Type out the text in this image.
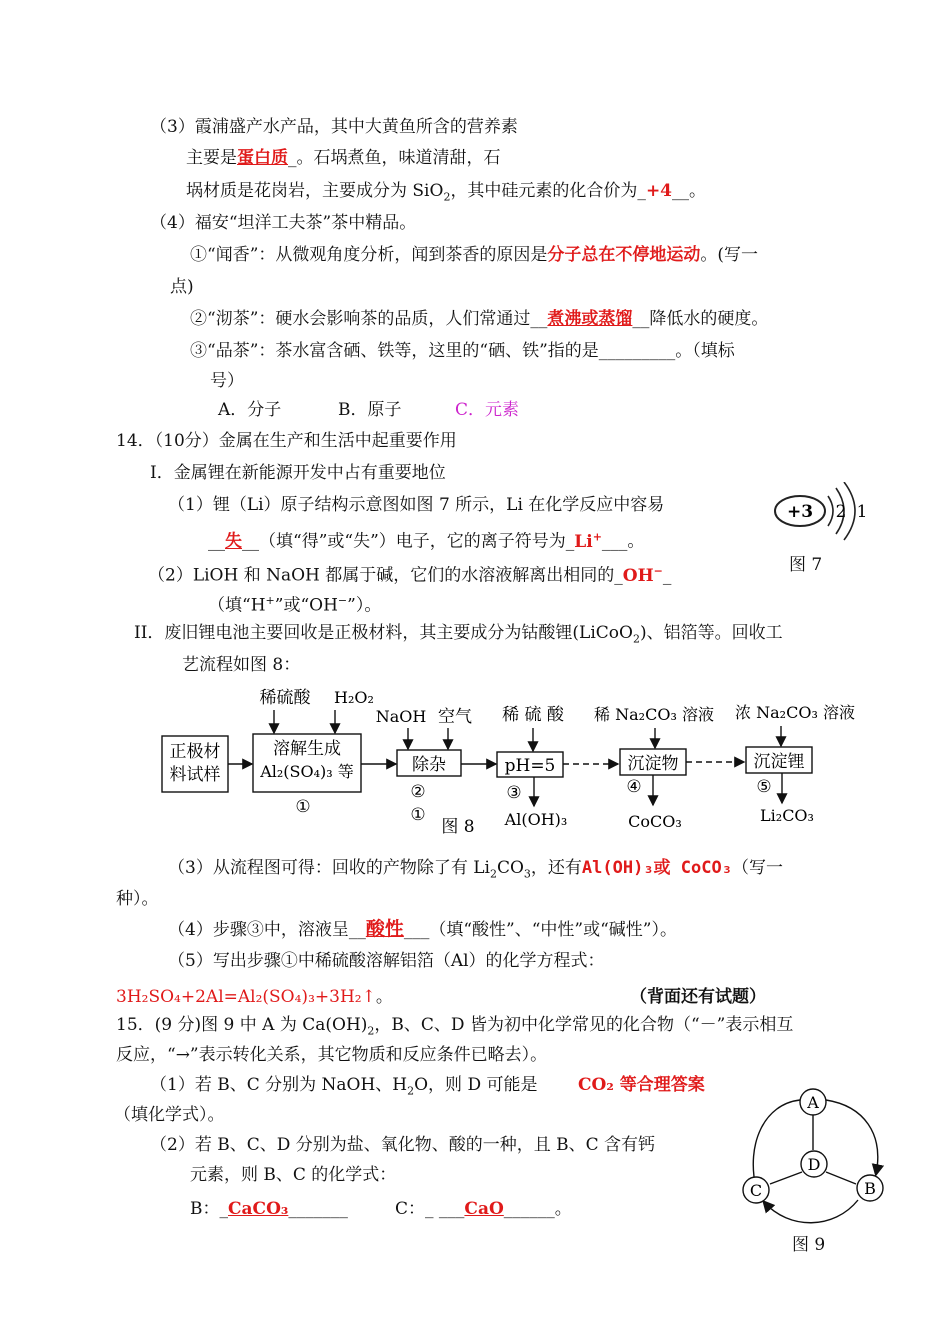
（3）霞浦盛产水产品，其中大黄鱼所含的营养素
主要是蛋白质_。石埚煮鱼，味道清甜，石
埚材质是花岗岩，主要成分为 SiO$_2$，其中硅元素的化合价为_+4__。
（4）福安“坦洋工夫茶”茶中精品。
①“闻香”：从微观角度分析，闻到茶香的原因是分子总在不停地运动。(写一
点)
②“沏茶”：硬水会影响茶的品质，人们常通过__煮沸或蒸馏__降低水的硬度。
③“品茶”：茶水富含硒、铁等，这里的“硒、铁”指的是_________。（填标
号）
A．分子	B．原子	C．元素
14．（10分）金属在生产和生活中起重要作用
I．金属锂在新能源开发中占有重要地位
（1）锂（Li）原子结构示意图如图 7 所示，Li 在化学反应中容易
__失__（填“得”或“失”）电子，它的离子符号为_Li+___。
+3 2 1
图 7
（2）LiOH 和 NaOH 都属于碱，它们的水溶液解离出相同的_OH−_
（填“H+”或“OH−”）。
II．废旧锂电池主要回收是正极材料，其主要成分为钴酸锂(LiCoO$_2$)、铝箔等。回收工
艺流程如图 8：
正极材
料试样
溶解生成
Al₂(SO₄)₃ 等
稀硫酸 H₂O₂
①
除杂
NaOH 空气
②
①
pH=5
稀 硫 酸
③
Al(OH)₃
沉淀物
稀 Na₂CO₃ 溶液
④
CoCO₃
沉淀锂
浓 Na₂CO₃ 溶液
⑤
Li₂CO₃
图 8
（3）从流程图可得：回收的产物除了有 $Li_2CO_3$，还有Al(OH)₃或 CoCO₃（写一
种）。
（4）步骤③中，溶液呈__酸性___（填“酸性”、“中性”或“碱性”）。
（5）写出步骤①中稀硫酸溶解铝箔（Al）的化学方程式：
3H₂SO₄+2Al=Al₂(SO₄)₃+3H₂↑。	（背面还有试题）
15．(9 分)图 9 中 A 为 $Ca(OH)_2$，B、C、D 皆为初中化学常见的化合物（“－”表示相互
反应，“→”表示转化关系，其它物质和反应条件已略去）。
（1）若 B、C 分别为 NaOH、$H_2O$，则 D 可能是 CO₂ 等合理答案
（填化学式）。
（2）若 B、C、D 分别为盐、氧化物、酸的一种，且 B、C 含有钙
元素，则 B、C 的化学式：
B：_CaCO₃_______	C：_ ___CaO______。
A
D
C	B
图 9
